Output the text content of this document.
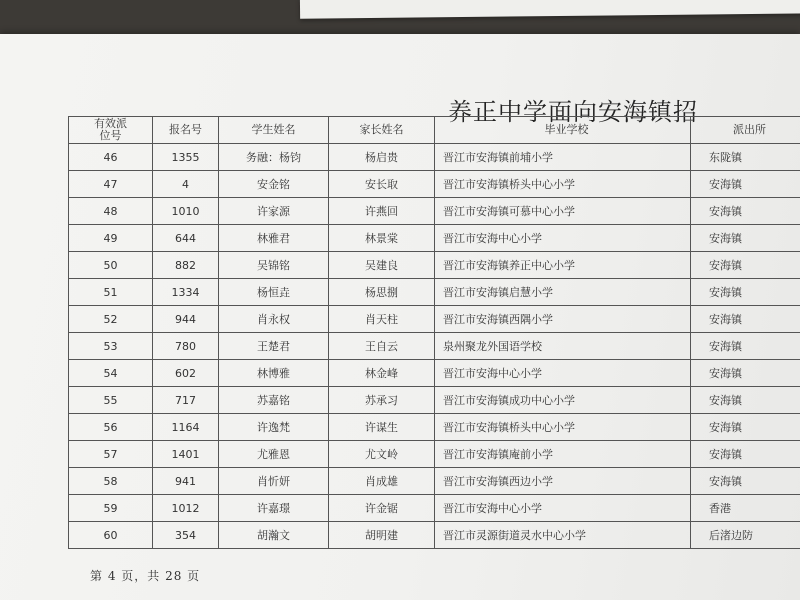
养正中学面向安海镇招
有效派位号	报名号	学生姓名	家长姓名	毕业学校	派出所
46	1355	务融：杨钧	杨启贵	晋江市安海镇前埔小学	东陇镇
47	4	安金铭	安长取	晋江市安海镇桥头中心小学	安海镇
48	1010	许家源	许燕回	晋江市安海镇可慕中心小学	安海镇
49	644	林雅君	林景棠	晋江市安海中心小学	安海镇
50	882	吴锦铭	吴建良	晋江市安海镇养正中心小学	安海镇
51	1334	杨恒垚	杨思捌	晋江市安海镇启慧小学	安海镇
52	944	肖永权	肖天柱	晋江市安海镇西隅小学	安海镇
53	780	王楚君	王自云	泉州聚龙外国语学校	安海镇
54	602	林博雅	林金峰	晋江市安海中心小学	安海镇
55	717	苏嘉铭	苏承习	晋江市安海镇成功中心小学	安海镇
56	1164	许逸梵	许谋生	晋江市安海镇桥头中心小学	安海镇
57	1401	尤雅恩	尤文岭	晋江市安海镇庵前小学	安海镇
58	941	肖忻妍	肖成雄	晋江市安海镇西边小学	安海镇
59	1012	许嘉璟	许金锯	晋江市安海中心小学	香港
60	354	胡瀚文	胡明建	晋江市灵源街道灵水中心小学	后渚边防
第 4 页，共 28 页
